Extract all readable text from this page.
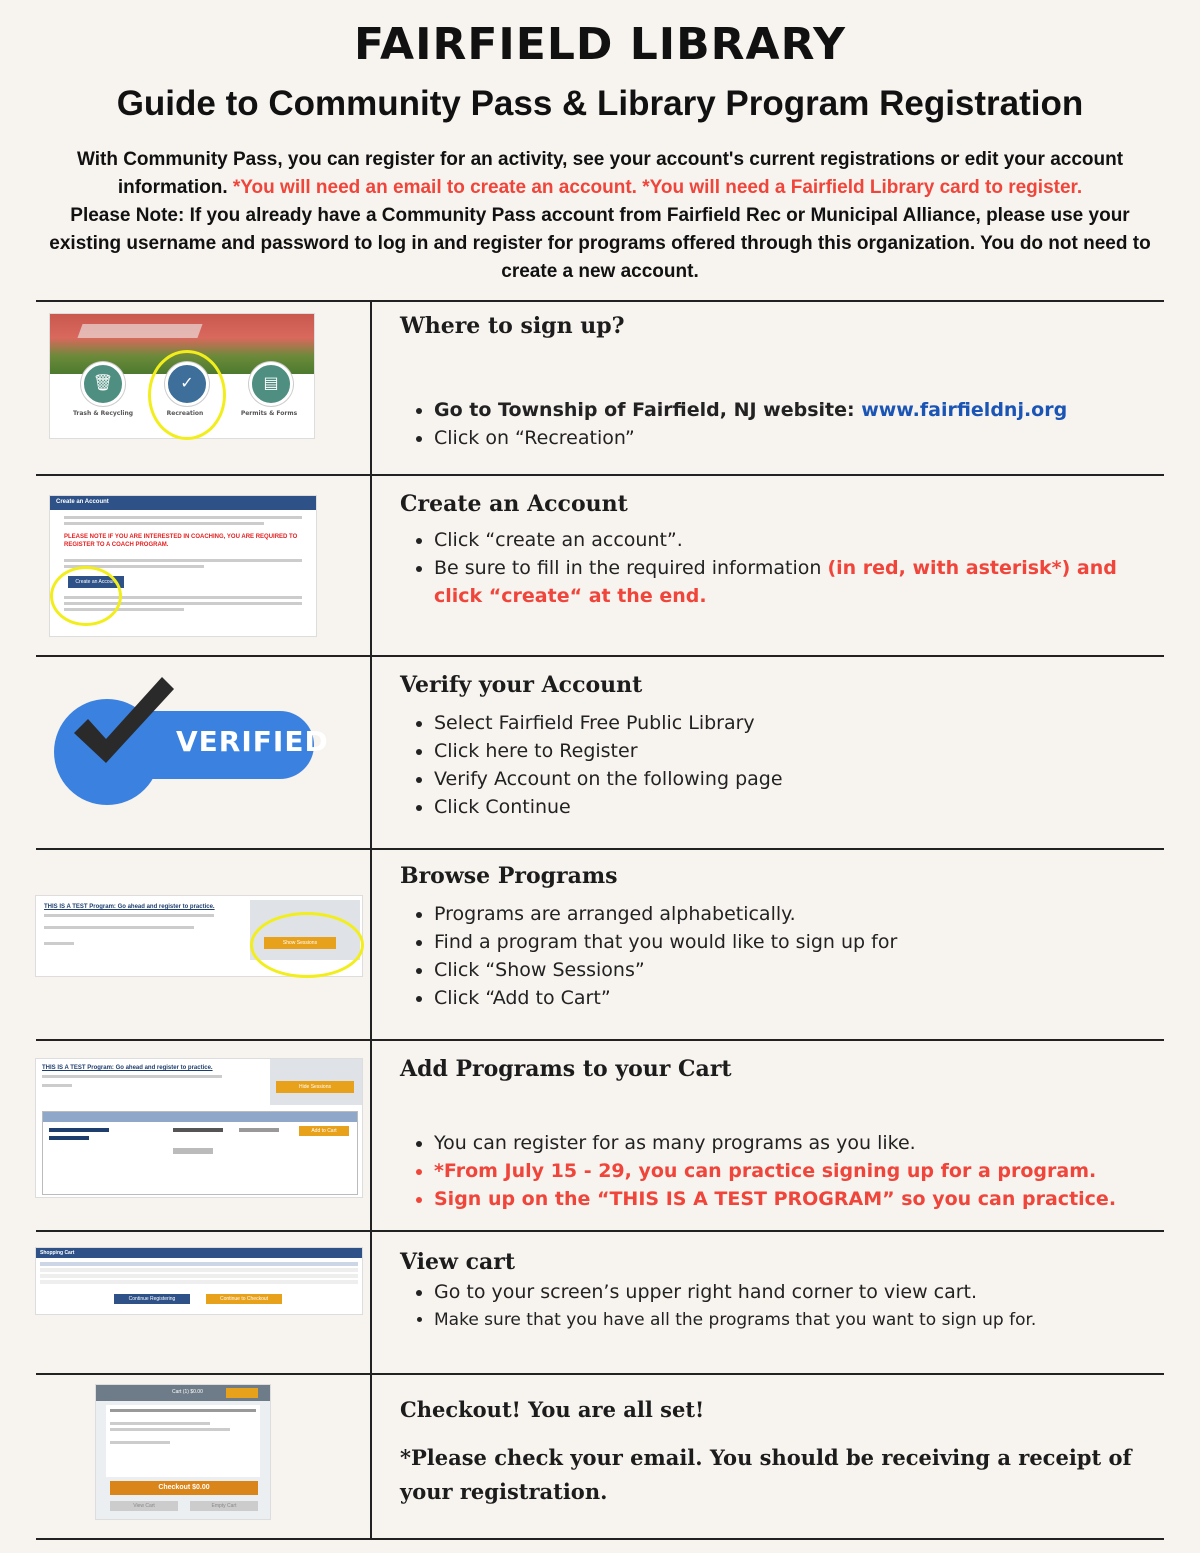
FAIRFIELD LIBRARY
Guide to Community Pass & Library Program Registration
With Community Pass, you can register for an activity, see your account's current registrations or edit your account information. *You will need an email to create an account. *You will need a Fairfield Library card to register.
Please Note: If you already have a Community Pass account from Fairfield Rec or Municipal Alliance, please use your existing username and password to log in and register for programs offered through this organization. You do not need to create a new account.
🗑	✓	▤
Trash & Recycling	Recreation	Permits & Forms

Where to sign up?

• Go to Township of Fairfield, NJ website: www.fairfieldnj.org
• Click on “Recreation”
Create an Account
PLEASE NOTE IF YOU ARE INTERESTED IN COACHING, YOU ARE REQUIRED TO REGISTER TO A COACH PROGRAM.
Create an Account

Create an Account

• Click “create an account”.
• Be sure to fill in the required information (in red, with asterisk*) and click “create“ at the end.
VERIFIED

Verify your Account

• Select Fairfield Free Public Library
• Click here to Register
• Verify Account on the following page
• Click Continue
THIS IS A TEST Program: Go ahead and register to practice.
Show Sessions

Browse Programs

• Programs are arranged alphabetically.
• Find a program that you would like to sign up for
• Click “Show Sessions”
• Click “Add to Cart”
THIS IS A TEST Program: Go ahead and register to practice.
Hide Sessions
Add to Cart

Add Programs to your Cart

• You can register for as many programs as you like.
• *From July 15 - 29, you can practice signing up for a program.
• Sign up on the “THIS IS A TEST PROGRAM” so you can practice.
Shopping Cart
Continue Registering	Continue to Checkout

View cart

• Go to your screen’s upper right hand corner to view cart.
• Make sure that you have all the programs that you want to sign up for.
Cart (1) $0.00
Checkout $0.00
View Cart	Empty Cart

Checkout! You are all set!

*Please check your email. You should be receiving a receipt of your registration.
